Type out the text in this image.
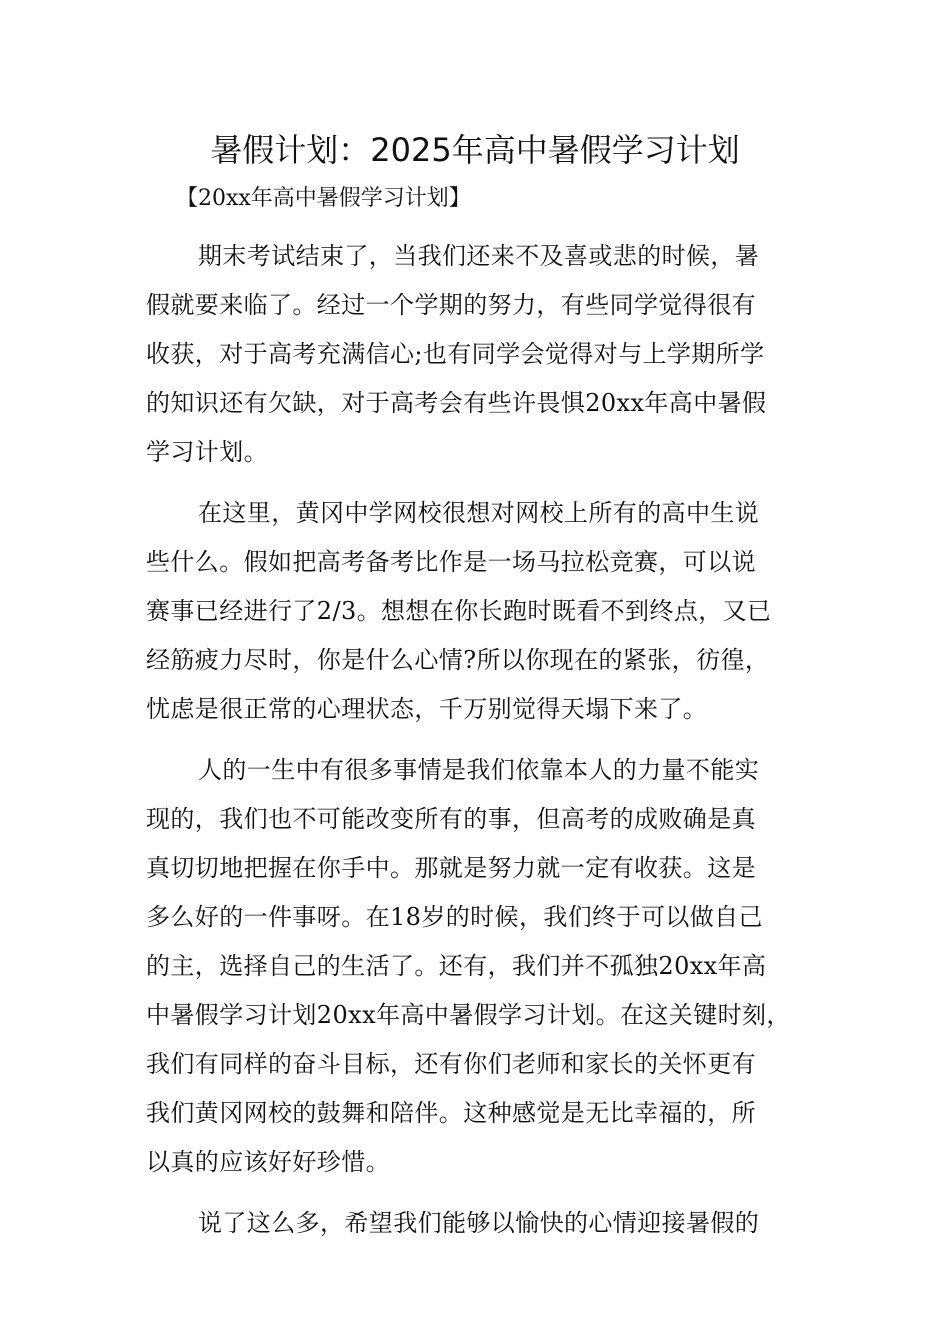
暑假计划：2025年高中暑假学习计划

【20xx年高中暑假学习计划】

期末考试结束了，当我们还来不及喜或悲的时候，暑
假就要来临了。经过一个学期的努力，有些同学觉得很有
收获，对于高考充满信心;也有同学会觉得对与上学期所学
的知识还有欠缺，对于高考会有些许畏惧20xx年高中暑假
学习计划。

在这里，黄冈中学网校很想对网校上所有的高中生说
些什么。假如把高考备考比作是一场马拉松竞赛，可以说
赛事已经进行了2/3。想想在你长跑时既看不到终点，又已
经筋疲力尽时，你是什么心情?所以你现在的紧张，彷徨，
忧虑是很正常的心理状态，千万别觉得天塌下来了。

人的一生中有很多事情是我们依靠本人的力量不能实
现的，我们也不可能改变所有的事，但高考的成败确是真
真切切地把握在你手中。那就是努力就一定有收获。这是
多么好的一件事呀。在18岁的时候，我们终于可以做自己
的主，选择自己的生活了。还有，我们并不孤独20xx年高
中暑假学习计划20xx年高中暑假学习计划。在这关键时刻，
我们有同样的奋斗目标，还有你们老师和家长的关怀更有
我们黄冈网校的鼓舞和陪伴。这种感觉是无比幸福的，所
以真的应该好好珍惜。

说了这么多，希望我们能够以愉快的心情迎接暑假的
